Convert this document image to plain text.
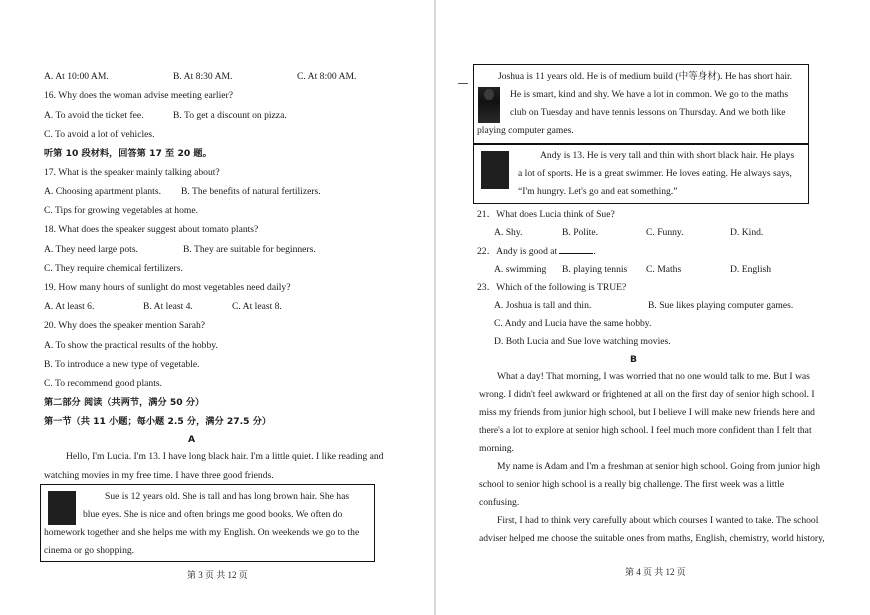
A. At 10:00 AM.	B. At 8:30 AM.	C. At 8:00 AM.
16. Why does the woman advise meeting earlier?
A. To avoid the ticket fee.	B. To get a discount on pizza.
C. To avoid a lot of vehicles.
听第 10 段材料，回答第 17 至 20 题。
17. What is the speaker mainly talking about?
A. Choosing apartment plants. B. The benefits of natural fertilizers.
C. Tips for growing vegetables at home.
18. What does the speaker suggest about tomato plants?
A. They need large pots.	B. They are suitable for beginners.
C. They require chemical fertilizers.
19. How many hours of sunlight do most vegetables need daily?
A. At least 6.	B. At least 4.	C. At least 8.
20. Why does the speaker mention Sarah?
A. To show the practical results of the hobby.
B. To introduce a new type of vegetable.
C. To recommend good plants.
第二部分 阅读（共两节，满分 50 分）
第一节（共 11 小题；每小题 2.5 分，满分 27.5 分）
A
Hello, I'm Lucia. I'm 13. I have long black hair. I'm a little quiet. I like reading and
watching movies in my free time. I have three good friends.
Sue is 12 years old. She is tall and has long brown hair. She has
blue eyes. She is nice and often brings me good books. We often do
homework together and she helps me with my English. On weekends we go to the
cinema or go shopping.
第 3 页 共 12 页
Joshua is 11 years old. He is of medium build (中等身材). He has short hair.
He is smart, kind and shy. We have a lot in common. We go to the maths
club on Tuesday and have tennis lessons on Thursday. And we both like
playing computer games.
Andy is 13. He is very tall and thin with short black hair. He plays
a lot of sports. He is a great swimmer. He loves eating. He always says,
“I'm hungry. Let's go and eat something.”
21．What does Lucia think of Sue?
A. Shy.	B. Polite.	C. Funny.	D. Kind.
22．Andy is good at	.
A. swimming B. playing tennis C. Maths	D. English
23．Which of the following is TRUE?
A. Joshua is tall and thin.	B. Sue likes playing computer games.
C. Andy and Lucia have the same hobby.
D. Both Lucia and Sue love watching movies.
B
What a day! That morning, I was worried that no one would talk to me. But I was
wrong. I didn't feel awkward or frightened at all on the first day of senior high school. I
miss my friends from junior high school, but I believe I will make new friends here and
there's a lot to explore at senior high school. I feel much more confident than I felt that
morning.
My name is Adam and I'm a freshman at senior high school. Going from junior high
school to senior high school is a really big challenge. The first week was a little
confusing.
First, I had to think very carefully about which courses I wanted to take. The school
adviser helped me choose the suitable ones from maths, English, chemistry, world history,
第 4 页 共 12 页
